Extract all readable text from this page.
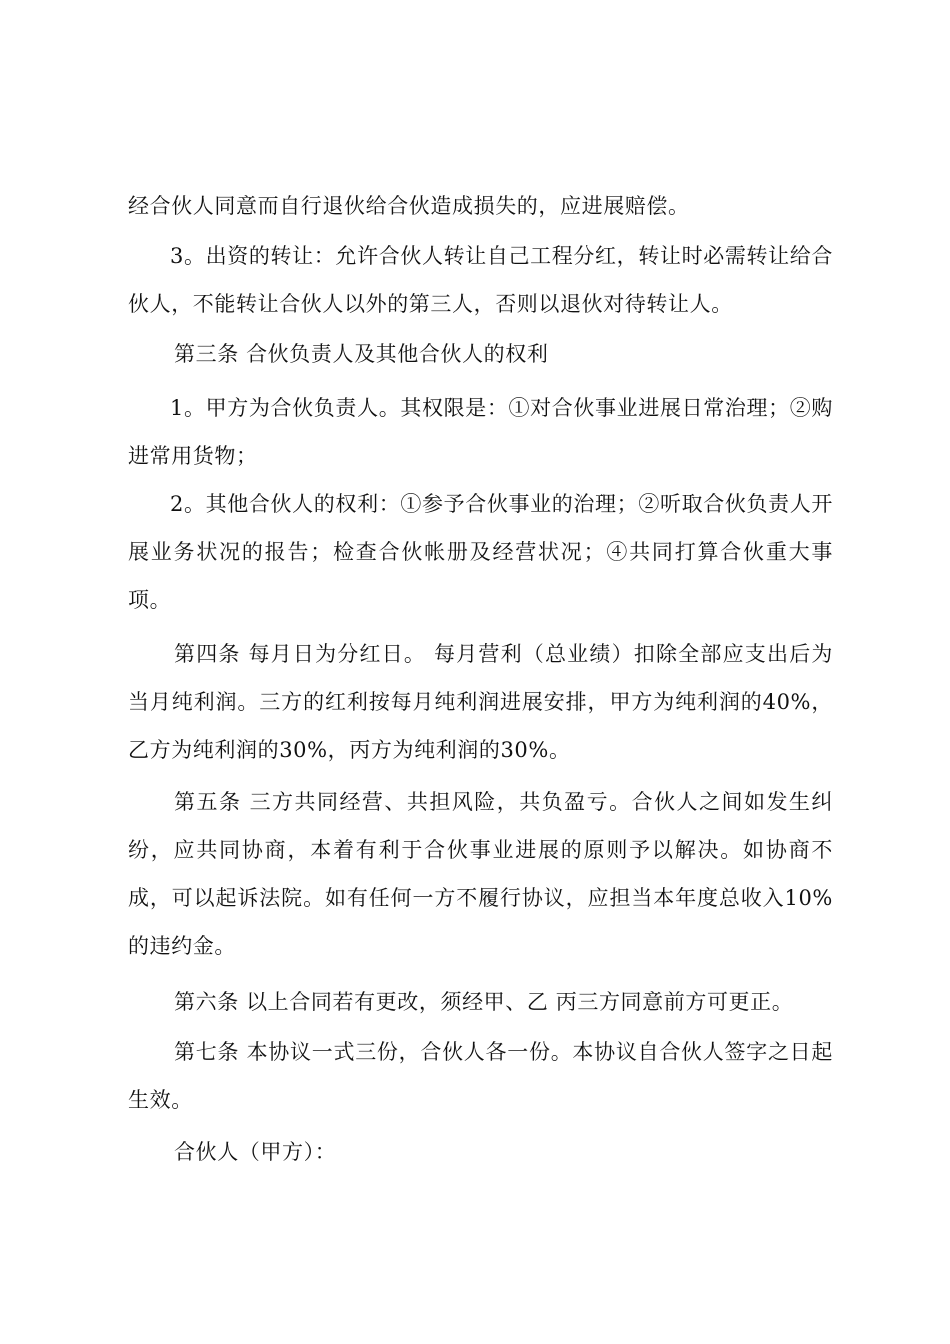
经合伙人同意而自行退伙给合伙造成损失的，应进展赔偿。

3。出资的转让：允许合伙人转让自己工程分红，转让时必需转让给合伙人，不能转让合伙人以外的第三人，否则以退伙对待转让人。

第三条 合伙负责人及其他合伙人的权利

1。甲方为合伙负责人。其权限是：①对合伙事业进展日常治理；②购进常用货物；

2。其他合伙人的权利：①参予合伙事业的治理；②听取合伙负责人开展业务状况的报告；检查合伙帐册及经营状况；④共同打算合伙重大事项。

第四条 每月日为分红日。 每月营利（总业绩）扣除全部应支出后为当月纯利润。三方的红利按每月纯利润进展安排，甲方为纯利润的40%，乙方为纯利润的30%，丙方为纯利润的30%。

第五条 三方共同经营、共担风险，共负盈亏。合伙人之间如发生纠纷，应共同协商，本着有利于合伙事业进展的原则予以解决。如协商不成，可以起诉法院。如有任何一方不履行协议，应担当本年度总收入10%的违约金。

第六条 以上合同若有更改，须经甲、乙 丙三方同意前方可更正。

第七条 本协议一式三份，合伙人各一份。本协议自合伙人签字之日起生效。

合伙人（甲方）：
